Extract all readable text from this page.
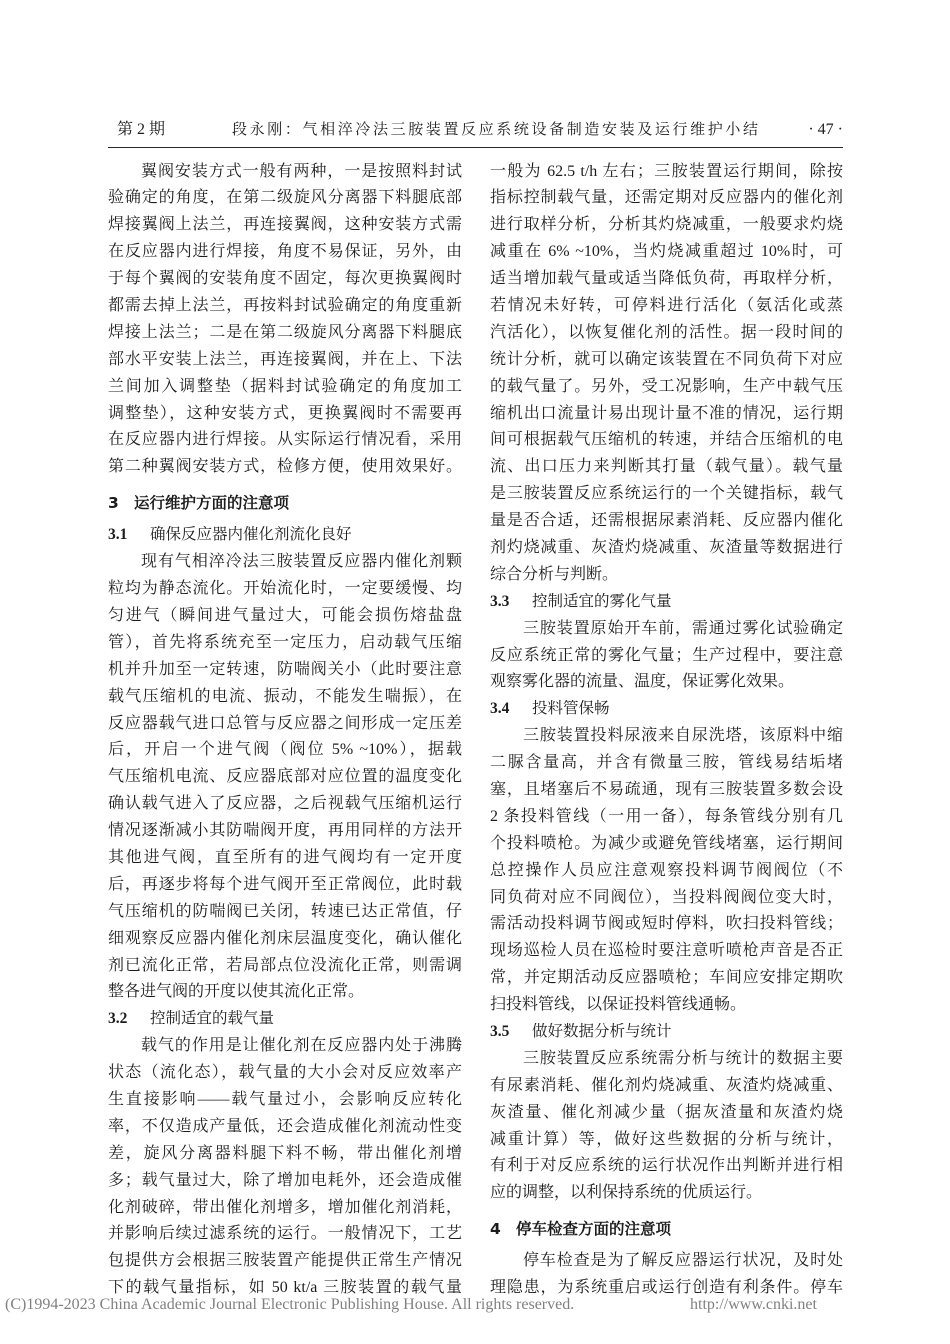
第 2 期	段永刚：气相淬冷法三胺装置反应系统设备制造安装及运行维护小结	· 47 ·
翼阀安装方式一般有两种，一是按照料封试
验确定的角度，在第二级旋风分离器下料腿底部
焊接翼阀上法兰，再连接翼阀，这种安装方式需
在反应器内进行焊接，角度不易保证，另外，由
于每个翼阀的安装角度不固定，每次更换翼阀时
都需去掉上法兰，再按料封试验确定的角度重新
焊接上法兰；二是在第二级旋风分离器下料腿底
部水平安装上法兰，再连接翼阀，并在上、下法
兰间加入调整垫（据料封试验确定的角度加工
调整垫），这种安装方式，更换翼阀时不需要再
在反应器内进行焊接。从实际运行情况看，采用
第二种翼阀安装方式，检修方便，使用效果好。
3 运行维护方面的注意项
3.1 确保反应器内催化剂流化良好
现有气相淬冷法三胺装置反应器内催化剂颗
粒均为静态流化。开始流化时，一定要缓慢、均
匀进气（瞬间进气量过大，可能会损伤熔盐盘
管），首先将系统充至一定压力，启动载气压缩
机并升加至一定转速，防喘阀关小（此时要注意
载气压缩机的电流、振动，不能发生喘振），在
反应器载气进口总管与反应器之间形成一定压差
后，开启一个进气阀（阀位 5% ~10%），据载
气压缩机电流、反应器底部对应位置的温度变化
确认载气进入了反应器，之后视载气压缩机运行
情况逐渐减小其防喘阀开度，再用同样的方法开
其他进气阀，直至所有的进气阀均有一定开度
后，再逐步将每个进气阀开至正常阀位，此时载
气压缩机的防喘阀已关闭，转速已达正常值，仔
细观察反应器内催化剂床层温度变化，确认催化
剂已流化正常，若局部点位没流化正常，则需调
整各进气阀的开度以使其流化正常。
3.2 控制适宜的载气量
载气的作用是让催化剂在反应器内处于沸腾
状态（流化态），载气量的大小会对反应效率产
生直接影响——载气量过小，会影响反应转化
率，不仅造成产量低，还会造成催化剂流动性变
差，旋风分离器料腿下料不畅，带出催化剂增
多；载气量过大，除了增加电耗外，还会造成催
化剂破碎，带出催化剂增多，增加催化剂消耗，
并影响后续过滤系统的运行。一般情况下，工艺
包提供方会根据三胺装置产能提供正常生产情况
下的载气量指标，如 50 kt/a 三胺装置的载气量
一般为 62.5 t/h 左右；三胺装置运行期间，除按
指标控制载气量，还需定期对反应器内的催化剂
进行取样分析，分析其灼烧减重，一般要求灼烧
减重在 6% ~10%，当灼烧减重超过 10%时，可
适当增加载气量或适当降低负荷，再取样分析，
若情况未好转，可停料进行活化（氨活化或蒸
汽活化），以恢复催化剂的活性。据一段时间的
统计分析，就可以确定该装置在不同负荷下对应
的载气量了。另外，受工况影响，生产中载气压
缩机出口流量计易出现计量不准的情况，运行期
间可根据载气压缩机的转速，并结合压缩机的电
流、出口压力来判断其打量（载气量）。载气量
是三胺装置反应系统运行的一个关键指标，载气
量是否合适，还需根据尿素消耗、反应器内催化
剂灼烧减重、灰渣灼烧减重、灰渣量等数据进行
综合分析与判断。
3.3 控制适宜的雾化气量
三胺装置原始开车前，需通过雾化试验确定
反应系统正常的雾化气量；生产过程中，要注意
观察雾化器的流量、温度，保证雾化效果。
3.4 投料管保畅
三胺装置投料尿液来自尿洗塔，该原料中缩
二脲含量高，并含有微量三胺，管线易结垢堵
塞，且堵塞后不易疏通，现有三胺装置多数会设
2 条投料管线（一用一备），每条管线分别有几
个投料喷枪。为减少或避免管线堵塞，运行期间
总控操作人员应注意观察投料调节阀阀位（不
同负荷对应不同阀位），当投料阀阀位变大时，
需活动投料调节阀或短时停料，吹扫投料管线；
现场巡检人员在巡检时要注意听喷枪声音是否正
常，并定期活动反应器喷枪；车间应安排定期吹
扫投料管线，以保证投料管线通畅。
3.5 做好数据分析与统计
三胺装置反应系统需分析与统计的数据主要
有尿素消耗、催化剂灼烧减重、灰渣灼烧减重、
灰渣量、催化剂减少量（据灰渣量和灰渣灼烧
减重计算）等，做好这些数据的分析与统计，
有利于对反应系统的运行状况作出判断并进行相
应的调整，以利保持系统的优质运行。
4 停车检查方面的注意项
停车检查是为了解反应器运行状况，及时处
理隐患，为系统重启或运行创造有利条件。停车
(C)1994-2023 China Academic Journal Electronic Publishing House. All rights reserved.	http://www.cnki.net
